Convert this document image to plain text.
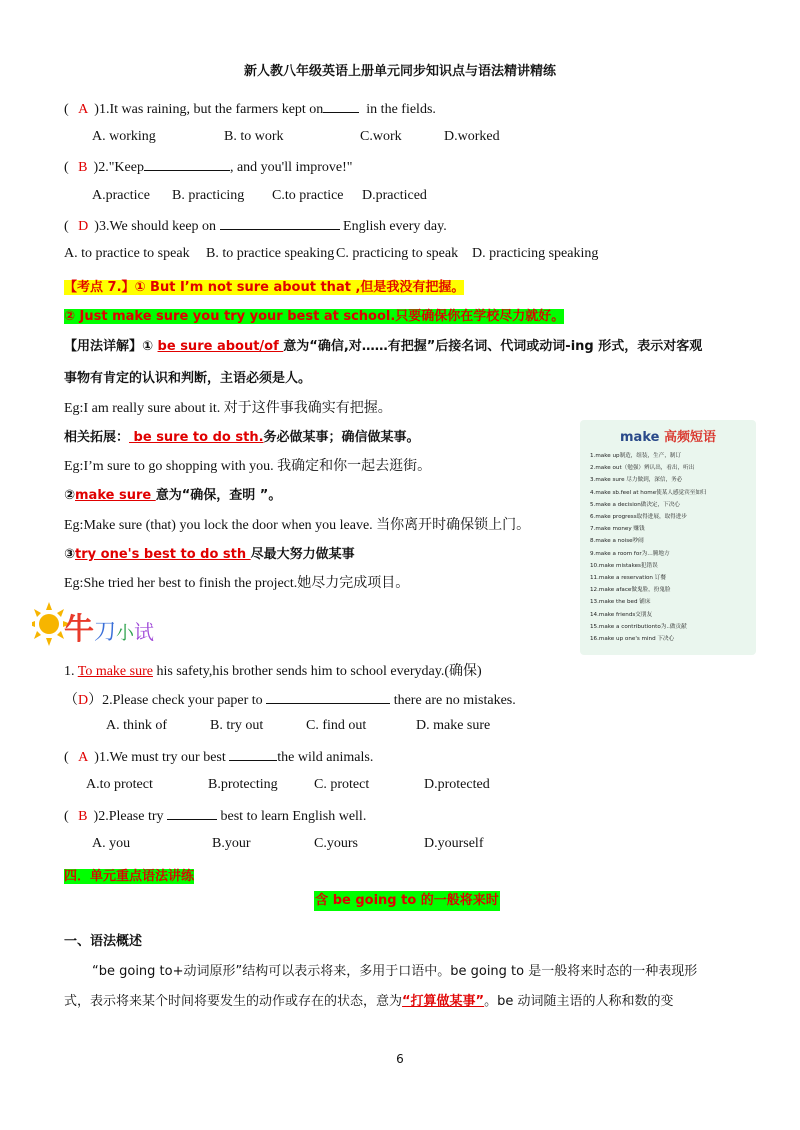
新人教八年级英语上册单元同步知识点与语法精讲精练
( A )1.It was raining, but the farmers kept on	in the fields.
A. working	B. to work	C.work	D.worked
( B )2."Keep	, and you'll improve!"
A.practice B. practicing C.to practice D.practiced
( D )3.We should keep on	English every day.
A. to practice to speak B. to practice speaking C. practicing to speak D. practicing speaking
【考点 7.】① But I’m not sure about that ,但是我没有把握。
② Just make sure you try your best at school.只要确保你在学校尽力就好。
【用法详解】① be sure about/of 意为“确信,对……有把握”后接名词、代词或动词-ing 形式，表示对客观
事物有肯定的认识和判断，主语必须是人。
Eg:I am really sure about it. 对于这件事我确实有把握。
相关拓展： be sure to do sth.务必做某事；确信做某事。
Eg:I’m sure to go shopping with you. 我确定和你一起去逛街。
②make sure 意为“确保，查明 ”。
Eg:Make sure (that) you lock the door when you leave. 当你离开时确保锁上门。
③try one's best to do sth 尽最大努力做某事
Eg:She tried her best to finish the project.她尽力完成项目。
make 高频短语
1.make up制造，组装，生产，制订
2.make out（勉强）辨认出，看出，听出
3.make sure 尽力做到，深信，务必
4.make sb.feel at home使某人感觉宾至如归
5.make a decision做决定，下决心
6.make progress取得进展，取得进步
7.make money 赚钱
8.make a noise吵闹
9.make a room for为…腾地方
10.make mistakes犯错误
11.make a reservation 订餐
12.make aface做鬼脸，扮鬼脸
13.make the bed 铺床
14.make friends交朋友
15.make a contributionto为..做贡献
16.make up one's mind 下决心
牛刀小试
1. To make sure his safety,his brother sends him to school everyday.(确保)
（D）2.Please check your paper to	there are no mistakes.
A. think of	B. try out	C. find out	D. make sure
( A )1.We must try our best	the wild animals.
A.to protect	B.protecting	C. protect	D.protected
( B )2.Please try	best to learn English well.
A. you	B.your	C.yours	D.yourself
四．单元重点语法讲练
含 be going to 的一般将来时
一、语法概述
“be going to+动词原形”结构可以表示将来，多用于口语中。be going to 是一般将来时态的一种表现形
式，表示将来某个时间将要发生的动作或存在的状态，意为“打算做某事”。be 动词随主语的人称和数的变
6
